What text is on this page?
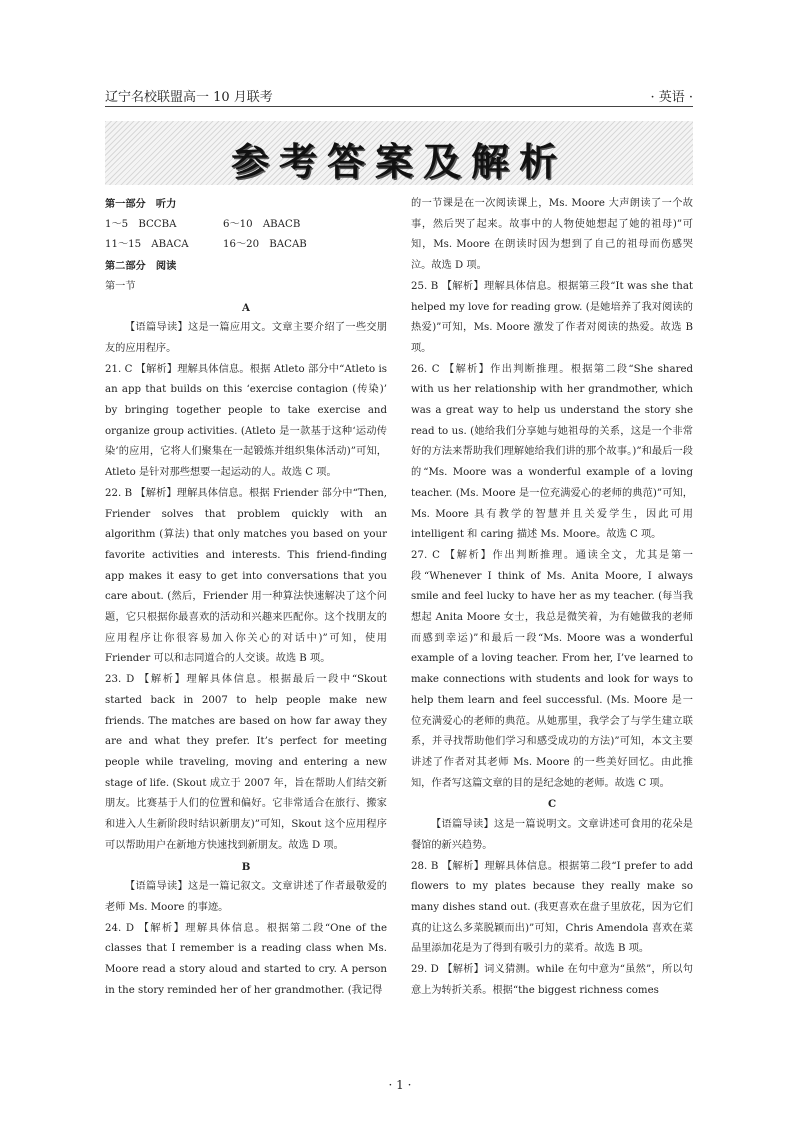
辽宁名校联盟高一 10 月联考	· 英语 ·
参考答案及解析

第一部分　听力

1～5　BCCBA	6～10　ABACB
11～15　ABACA	16～20　BACAB

第二部分　阅读

第一节

A

【语篇导读】这是一篇应用文。文章主要介绍了一些交朋友的应用程序。

21. C 【解析】理解具体信息。根据 Atleto 部分中“Atleto is an app that builds on this ‘exercise contagion (传染)’ by bringing together people to take exercise and organize group activities. (Atleto 是一款基于这种‘运动传染’的应用，它将人们聚集在一起锻炼并组织集体活动)”可知，Atleto 是针对那些想要一起运动的人。故选 C 项。

22. B 【解析】理解具体信息。根据 Friender 部分中“Then, Friender solves that problem quickly with an algorithm (算法) that only matches you based on your favorite activities and interests. This friend-finding app makes it easy to get into conversations that you care about. (然后，Friender 用一种算法快速解决了这个问题，它只根据你最喜欢的活动和兴趣来匹配你。这个找朋友的应用程序让你很容易加入你关心的对话中)”可知，使用 Friender 可以和志同道合的人交谈。故选 B 项。

23. D 【解析】理解具体信息。根据最后一段中“Skout started back in 2007 to help people make new friends. The matches are based on how far away they are and what they prefer. It’s perfect for meeting people while traveling, moving and entering a new stage of life. (Skout 成立于 2007 年，旨在帮助人们结交新朋友。比赛基于人们的位置和偏好。它非常适合在旅行、搬家和进入人生新阶段时结识新朋友)”可知，Skout 这个应用程序可以帮助用户在新地方快速找到新朋友。故选 D 项。

B

【语篇导读】这是一篇记叙文。文章讲述了作者最敬爱的老师 Ms. Moore 的事迹。

24. D 【解析】理解具体信息。根据第二段“One of the classes that I remember is a reading class when Ms. Moore read a story aloud and started to cry. A person in the story reminded her of her grandmother. (我记得

的一节课是在一次阅读课上，Ms. Moore 大声朗读了一个故事，然后哭了起来。故事中的人物使她想起了她的祖母)”可知，Ms. Moore 在朗读时因为想到了自己的祖母而伤感哭泣。故选 D 项。

25. B 【解析】理解具体信息。根据第三段“It was she that helped my love for reading grow. (是她培养了我对阅读的热爱)”可知，Ms. Moore 激发了作者对阅读的热爱。故选 B 项。

26. C 【解析】作出判断推理。根据第二段“She shared with us her relationship with her grandmother, which was a great way to help us understand the story she read to us. (她给我们分享她与她祖母的关系，这是一个非常好的方法来帮助我们理解她给我们讲的那个故事。)”和最后一段的“Ms. Moore was a wonderful example of a loving teacher. (Ms. Moore 是一位充满爱心的老师的典范)”可知，Ms. Moore 具有教学的智慧并且关爱学生，因此可用 intelligent 和 caring 描述 Ms. Moore。故选 C 项。

27. C 【解析】作出判断推理。通读全文，尤其是第一段“Whenever I think of Ms. Anita Moore, I always smile and feel lucky to have her as my teacher. (每当我想起 Anita Moore 女士，我总是微笑着，为有她做我的老师而感到幸运)”和最后一段“Ms. Moore was a wonderful example of a loving teacher. From her, I’ve learned to make connections with students and look for ways to help them learn and feel successful. (Ms. Moore 是一位充满爱心的老师的典范。从她那里，我学会了与学生建立联系，并寻找帮助他们学习和感受成功的方法)”可知，本文主要讲述了作者对其老师 Ms. Moore 的一些美好回忆。由此推知，作者写这篇文章的目的是纪念她的老师。故选 C 项。

C

【语篇导读】这是一篇说明文。文章讲述可食用的花朵是餐馆的新兴趋势。

28. B 【解析】理解具体信息。根据第二段“I prefer to add flowers to my plates because they really make so many dishes stand out. (我更喜欢在盘子里放花，因为它们真的让这么多菜脱颖而出)”可知，Chris Amendola 喜欢在菜品里添加花是为了得到有吸引力的菜肴。故选 B 项。

29. D 【解析】词义猜测。while 在句中意为“虽然”，所以句意上为转折关系。根据“the biggest richness comes

· 1 ·
